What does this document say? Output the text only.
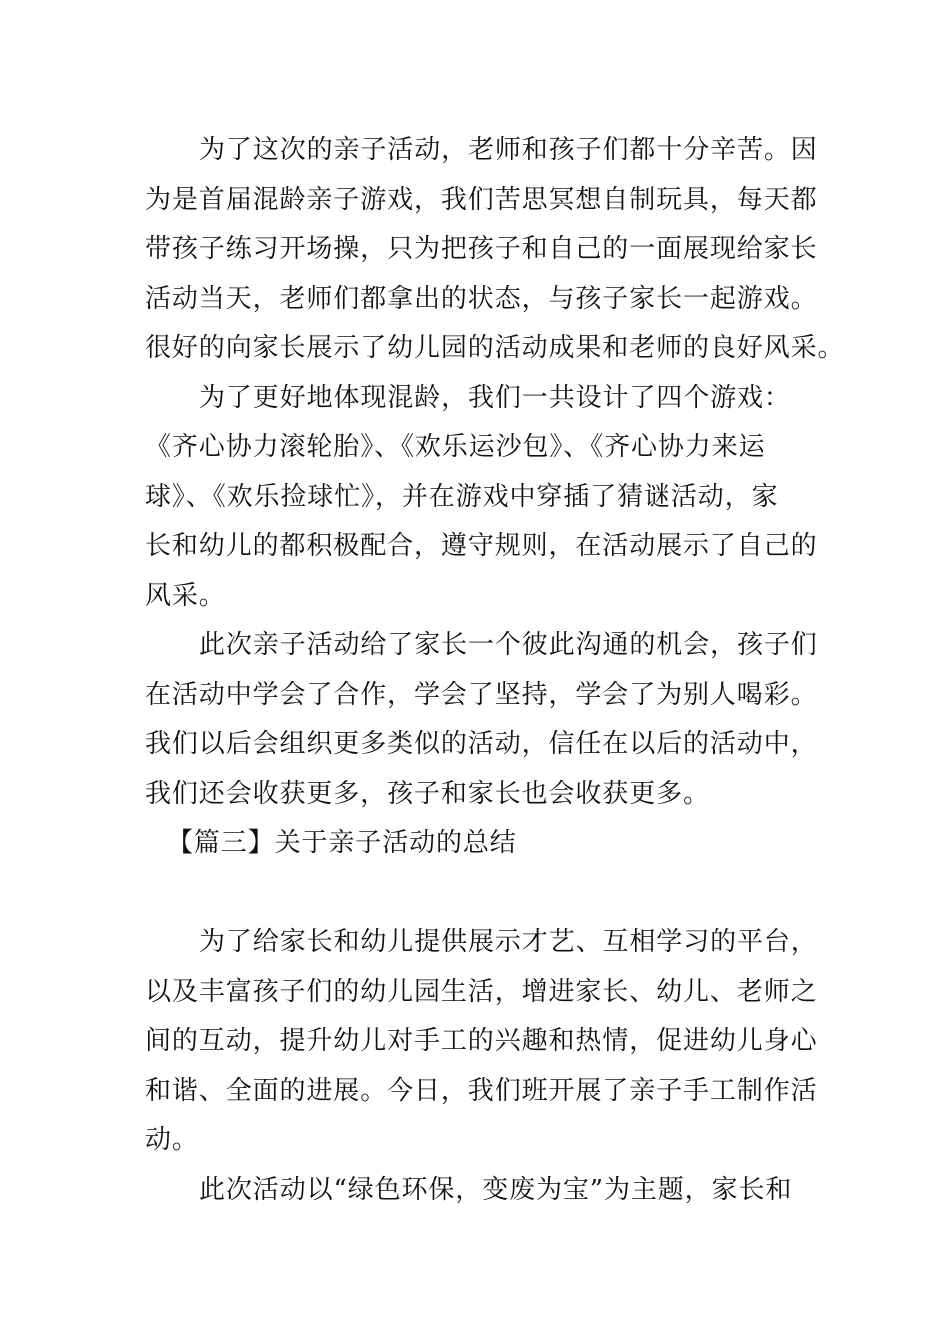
为了这次的亲子活动，老师和孩子们都十分辛苦。因
为是首届混龄亲子游戏，我们苦思冥想自制玩具，每天都
带孩子练习开场操，只为把孩子和自己的一面展现给家长
活动当天，老师们都拿出的状态，与孩子家长一起游戏。
很好的向家长展示了幼儿园的活动成果和老师的良好风采。
为了更好地体现混龄，我们一共设计了四个游戏：
《齐心协力滚轮胎》、《欢乐运沙包》、《齐心协力来运
球》、《欢乐捡球忙》，并在游戏中穿插了猜谜活动，家
长和幼儿的都积极配合，遵守规则，在活动展示了自己的
风采。
此次亲子活动给了家长一个彼此沟通的机会，孩子们
在活动中学会了合作，学会了坚持，学会了为别人喝彩。
我们以后会组织更多类似的活动，信任在以后的活动中，
我们还会收获更多，孩子和家长也会收获更多。
【篇三】关于亲子活动的总结
为了给家长和幼儿提供展示才艺、互相学习的平台，
以及丰富孩子们的幼儿园生活，增进家长、幼儿、老师之
间的互动，提升幼儿对手工的兴趣和热情，促进幼儿身心
和谐、全面的进展。今日，我们班开展了亲子手工制作活
动。
此次活动以“绿色环保，变废为宝”为主题，家长和
